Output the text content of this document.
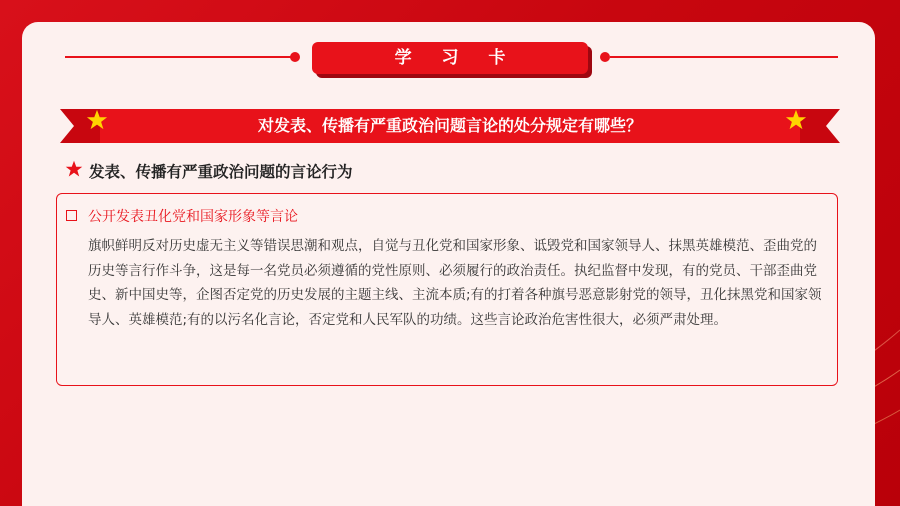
学 习 卡
对发表、传播有严重政治问题言论的处分规定有哪些？
发表、传播有严重政治问题的言论行为
公开发表丑化党和国家形象等言论
旗帜鲜明反对历史虚无主义等错误思潮和观点，自觉与丑化党和国家形象、诋毁党和国家领导人、抹黑英雄模范、歪曲党的历史等言行作斗争，这是每一名党员必须遵循的党性原则、必须履行的政治责任。执纪监督中发现，有的党员、干部歪曲党史、新中国史等，企图否定党的历史发展的主题主线、主流本质;有的打着各种旗号恶意影射党的领导，丑化抹黑党和国家领导人、英雄模范;有的以污名化言论，否定党和人民军队的功绩。这些言论政治危害性很大，必须严肃处理。
